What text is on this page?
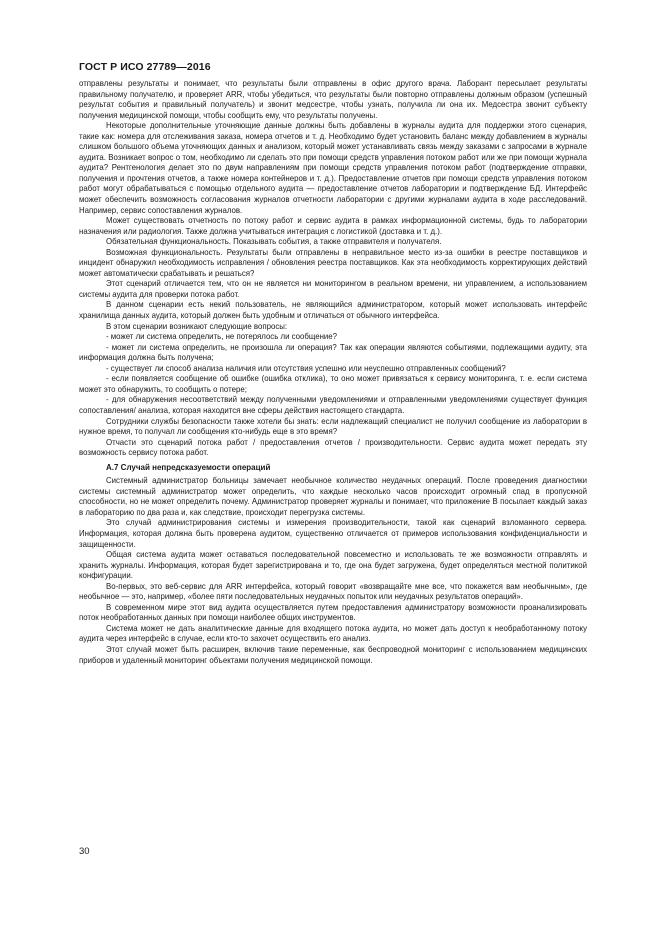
ГОСТ Р ИСО 27789—2016

отправлены результаты и понимает, что результаты были отправлены в офис другого врача. Лаборант пересылает результаты правильному получателю, и проверяет ARR, чтобы убедиться, что результаты были повторно отправлены должным образом (успешный результат события и правильный получатель) и звонит медсестре, чтобы узнать, получила ли она их. Медсестра звонит субъекту получения медицинской помощи, чтобы сообщить ему, что результаты получены.

Некоторые дополнительные уточняющие данные должны быть добавлены в журналы аудита для поддержки этого сценария, такие как: номера для отслеживания заказа, номера отчетов и т. д. Необходимо будет установить баланс между добавлением в журналы слишком большого объема уточняющих данных и анализом, который может устанавливать связь между заказами с запросами в журнале аудита. Возникает вопрос о том, необходимо ли сделать это при помощи средств управления потоком работ или же при помощи журнала аудита? Рентгенология делает это по двум направлениям при помощи средств управления потоком работ (подтверждение отправки, получения и прочтения отчетов, а также номера контейнеров и т. д.). Предоставление отчетов при помощи средств управления потоком работ могут обрабатываться с помощью отдельного аудита — предоставление отчетов лаборатории и подтверждение БД. Интерфейс может обеспечить возможность согласования журналов отчетности лаборатории с другими журналами аудита в ходе расследований. Например, сервис сопоставления журналов.

Может существовать отчетность по потоку работ и сервис аудита в рамках информационной системы, будь то лаборатории назначения или радиология. Также должна учитываться интеграция с логистикой (доставка и т. д.).

Обязательная функциональность. Показывать события, а также отправителя и получателя.

Возможная функциональность. Результаты были отправлены в неправильное место из-за ошибки в реестре поставщиков и инцидент обнаружил необходимость исправления / обновления реестра поставщиков. Как эта необходимость корректирующих действий может автоматически срабатывать и решаться?

Этот сценарий отличается тем, что он не является ни мониторингом в реальном времени, ни управлением, а использованием системы аудита для проверки потока работ.

В данном сценарии есть некий пользователь, не являющийся администратором, который может использовать интерфейс хранилища данных аудита, который должен быть удобным и отличаться от обычного интерфейса.

В этом сценарии возникают следующие вопросы:

- может ли система определить, не потерялось ли сообщение?

- может ли система определить, не произошла ли операция? Так как операции являются событиями, подлежащими аудиту, эта информация должна быть получена;

- существует ли способ анализа наличия или отсутствия успешно или неуспешно отправленных сообщений?

- если появляется сообщение об ошибке (ошибка отклика), то оно может привязаться к сервису мониторинга, т. е. если система может это обнаружить, то сообщить о потере;

- для обнаружения несоответствий между полученными уведомлениями и отправленными уведомлениями существует функция сопоставления/ анализа, которая находится вне сферы действия настоящего стандарта.

Сотрудники службы безопасности также хотели бы знать: если надлежащий специалист не получил сообщение из лаборатории в нужное время, то получал ли сообщения кто-нибудь еще в это время?

Отчасти это сценарий потока работ / предоставления отчетов / производительности. Сервис аудита может передать эту возможность сервису потока работ.

А.7 Случай непредсказуемости операций

Системный администратор больницы замечает необычное количество неудачных операций. После проведения диагностики системы системный администратор может определить, что каждые несколько часов происходит огромный спад в пропускной способности, но не может определить почему. Администратор проверяет журналы и понимает, что приложение В посылает каждый заказ в лабораторию по два раза и, как следствие, происходит перегрузка системы.

Это случай администрирования системы и измерения производительности, такой как сценарий взломанного сервера. Информация, которая должна быть проверена аудитом, существенно отличается от примеров использования конфиденциальности и защищенности.

Общая система аудита может оставаться последовательной повсеместно и использовать те же возможности отправлять и хранить журналы. Информация, которая будет зарегистрирована и то, где она будет загружена, будет определяться местной политикой конфигурации.

Во-первых, это веб-сервис для ARR интерфейса, который говорит «возвращайте мне все, что покажется вам необычным», где необычное — это, например, «более пяти последовательных неудачных попыток или неудачных результатов операций».

В современном мире этот вид аудита осуществляется путем предоставления администратору возможности проанализировать поток необработанных данных при помощи наиболее общих инструментов.

Система может не дать аналитические данные для входящего потока аудита, но может дать доступ к необработанному потоку аудита через интерфейс в случае, если кто-то захочет осуществить его анализ.

Этот случай может быть расширен, включив такие переменные, как беспроводной мониторинг с использованием медицинских приборов и удаленный мониторинг объектами получения медицинской помощи.

30
